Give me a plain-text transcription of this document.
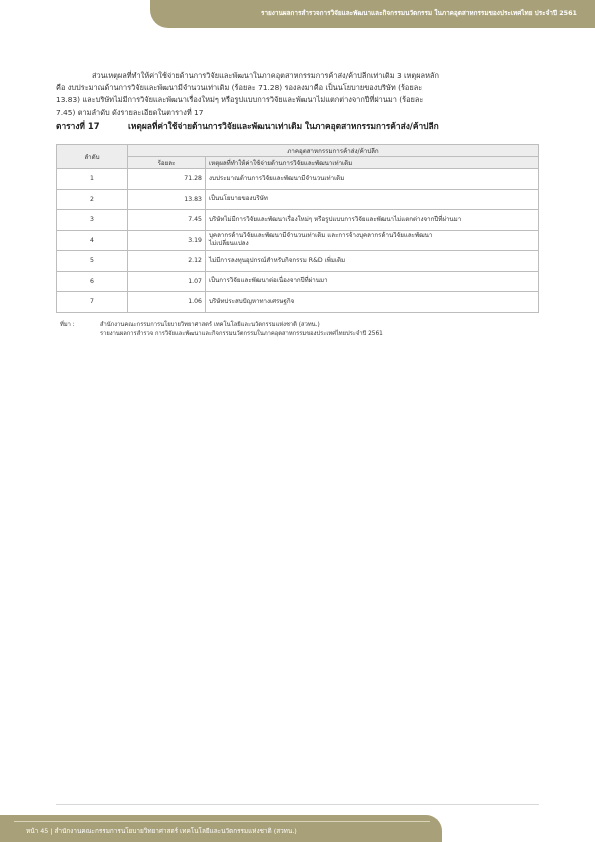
รายงานผลการสำรวจการวิจัยและพัฒนาและกิจกรรมนวัตกรรม ในภาคอุตสาหกรรมของประเทศไทย ประจำปี 2561
ส่วนเหตุผลที่ทำให้ค่าใช้จ่ายด้านการวิจัยและพัฒนาในภาคอุตสาหกรรมการค้าส่ง/ค้าปลีกเท่าเดิม 3 เหตุผลหลัก
คือ งบประมาณด้านการวิจัยและพัฒนามีจำนวนเท่าเดิม (ร้อยละ 71.28) รองลงมาคือ เป็นนโยบายของบริษัท (ร้อยละ
13.83) และบริษัทไม่มีการวิจัยและพัฒนาเรื่องใหม่ๆ หรือรูปแบบการวิจัยและพัฒนาไม่แตกต่างจากปีที่ผ่านมา (ร้อยละ
7.45) ตามลำดับ ดังรายละเอียดในตารางที่ 17
ตารางที่ 17	เหตุผลที่ค่าใช้จ่ายด้านการวิจัยและพัฒนาเท่าเดิม ในภาคอุตสาหกรรมการค้าส่ง/ค้าปลีก
ลำดับ	ภาคอุตสาหกรรมการค้าส่ง/ค้าปลีก	
	ร้อยละ	เหตุผลที่ทำให้ค่าใช้จ่ายด้านการวิจัยและพัฒนาเท่าเดิม
1	71.28	งบประมาณด้านการวิจัยและพัฒนามีจำนวนเท่าเดิม
2	13.83	เป็นนโยบายของบริษัท
3	7.45	บริษัทไม่มีการวิจัยและพัฒนาเรื่องใหม่ๆ หรือรูปแบบการวิจัยและพัฒนาไม่แตกต่างจากปีที่ผ่านมา
4	3.19	บุคลากรด้านวิจัยและพัฒนามีจำนวนเท่าเดิม และการจ้างบุคลากรด้านวิจัยและพัฒนา
ไม่เปลี่ยนแปลง
5	2.12	ไม่มีการลงทุนอุปกรณ์สำหรับกิจกรรม R&D เพิ่มเติม
6	1.07	เป็นการวิจัยและพัฒนาต่อเนื่องจากปีที่ผ่านมา
7	1.06	บริษัทประสบปัญหาทางเศรษฐกิจ
ที่มา :	สำนักงานคณะกรรมการนโยบายวิทยาศาสตร์ เทคโนโลยีและนวัตกรรมแห่งชาติ (สวทน.)
รายงานผลการสำรวจ การวิจัยและพัฒนาและกิจกรรมนวัตกรรมในภาคอุตสาหกรรมของประเทศไทยประจำปี 2561
หน้า 45 | สำนักงานคณะกรรมการนโยบายวิทยาศาสตร์ เทคโนโลยีและนวัตกรรมแห่งชาติ (สวทน.)
